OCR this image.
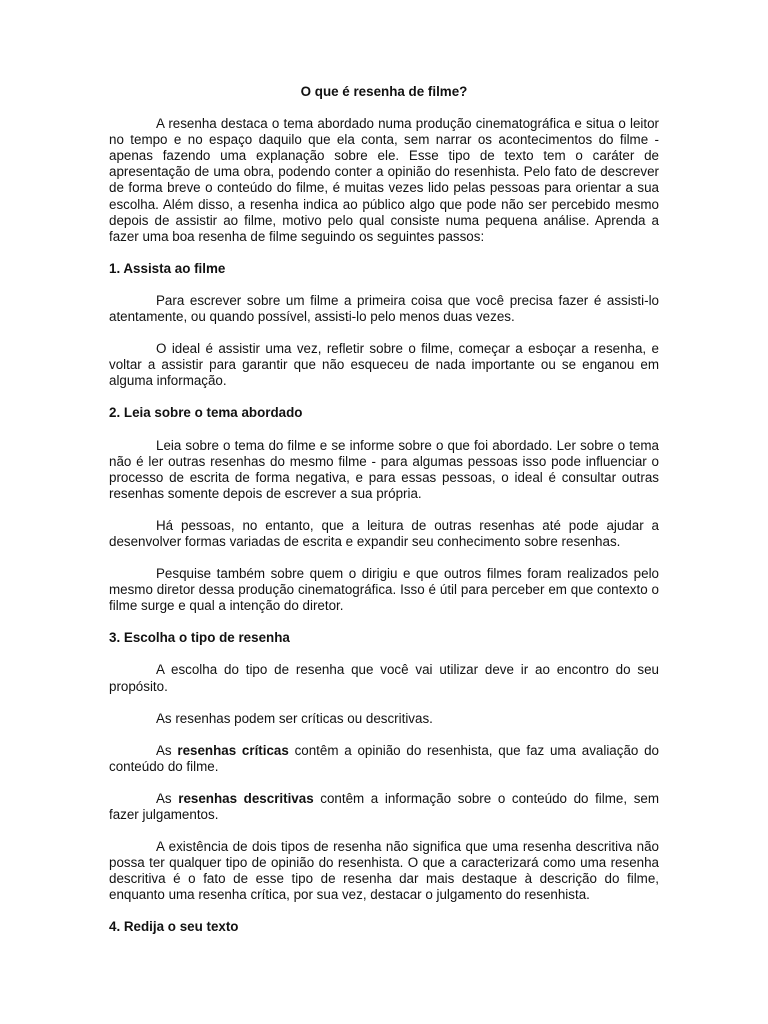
O que é resenha de filme?

A resenha destaca o tema abordado numa produção cinematográfica e situa o leitor no tempo e no espaço daquilo que ela conta, sem narrar os acontecimentos do filme - apenas fazendo uma explanação sobre ele. Esse tipo de texto tem o caráter de apresentação de uma obra, podendo conter a opinião do resenhista. Pelo fato de descrever de forma breve o conteúdo do filme, é muitas vezes lido pelas pessoas para orientar a sua escolha. Além disso, a resenha indica ao público algo que pode não ser percebido mesmo depois de assistir ao filme, motivo pelo qual consiste numa pequena análise. Aprenda a fazer uma boa resenha de filme seguindo os seguintes passos:

1. Assista ao filme

Para escrever sobre um filme a primeira coisa que você precisa fazer é assisti-lo atentamente, ou quando possível, assisti-lo pelo menos duas vezes.

O ideal é assistir uma vez, refletir sobre o filme, começar a esboçar a resenha, e voltar a assistir para garantir que não esqueceu de nada importante ou se enganou em alguma informação.

2. Leia sobre o tema abordado

Leia sobre o tema do filme e se informe sobre o que foi abordado. Ler sobre o tema não é ler outras resenhas do mesmo filme - para algumas pessoas isso pode influenciar o processo de escrita de forma negativa, e para essas pessoas, o ideal é consultar outras resenhas somente depois de escrever a sua própria.

Há pessoas, no entanto, que a leitura de outras resenhas até pode ajudar a desenvolver formas variadas de escrita e expandir seu conhecimento sobre resenhas.

Pesquise também sobre quem o dirigiu e que outros filmes foram realizados pelo mesmo diretor dessa produção cinematográfica. Isso é útil para perceber em que contexto o filme surge e qual a intenção do diretor.

3. Escolha o tipo de resenha

A escolha do tipo de resenha que você vai utilizar deve ir ao encontro do seu propósito.

As resenhas podem ser críticas ou descritivas.

As resenhas críticas contêm a opinião do resenhista, que faz uma avaliação do conteúdo do filme.

As resenhas descritivas contêm a informação sobre o conteúdo do filme, sem fazer julgamentos.

A existência de dois tipos de resenha não significa que uma resenha descritiva não possa ter qualquer tipo de opinião do resenhista. O que a caracterizará como uma resenha descritiva é o fato de esse tipo de resenha dar mais destaque à descrição do filme, enquanto uma resenha crítica, por sua vez, destacar o julgamento do resenhista.

4. Redija o seu texto
